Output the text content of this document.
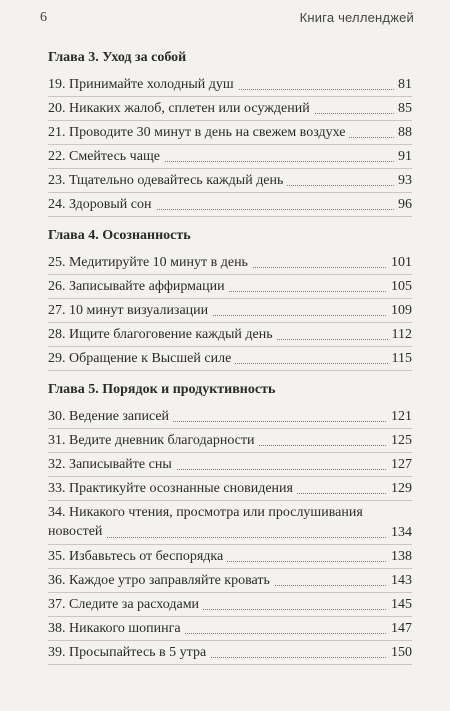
6	Книга челленджей
Глава 3. Уход за собой
19. Принимайте холодный душ	81
20. Никаких жалоб, сплетен или осуждений	85
21. Проводите 30 минут в день на свежем воздухе	88
22. Смейтесь чаще	91
23. Тщательно одевайтесь каждый день	93
24. Здоровый сон	96
Глава 4. Осознанность
25. Медитируйте 10 минут в день	101
26. Записывайте аффирмации	105
27. 10 минут визуализации	109
28. Ищите благоговение каждый день	112
29. Обращение к Высшей силе	115
Глава 5. Порядок и продуктивность
30. Ведение записей	121
31. Ведите дневник благодарности	125
32. Записывайте сны	127
33. Практикуйте осознанные сновидения	129
34. Никакого чтения, просмотра или прослушивания
новостей	134
35. Избавьтесь от беспорядка	138
36. Каждое утро заправляйте кровать	143
37. Следите за расходами	145
38. Никакого шопинга	147
39. Просыпайтесь в 5 утра	150
